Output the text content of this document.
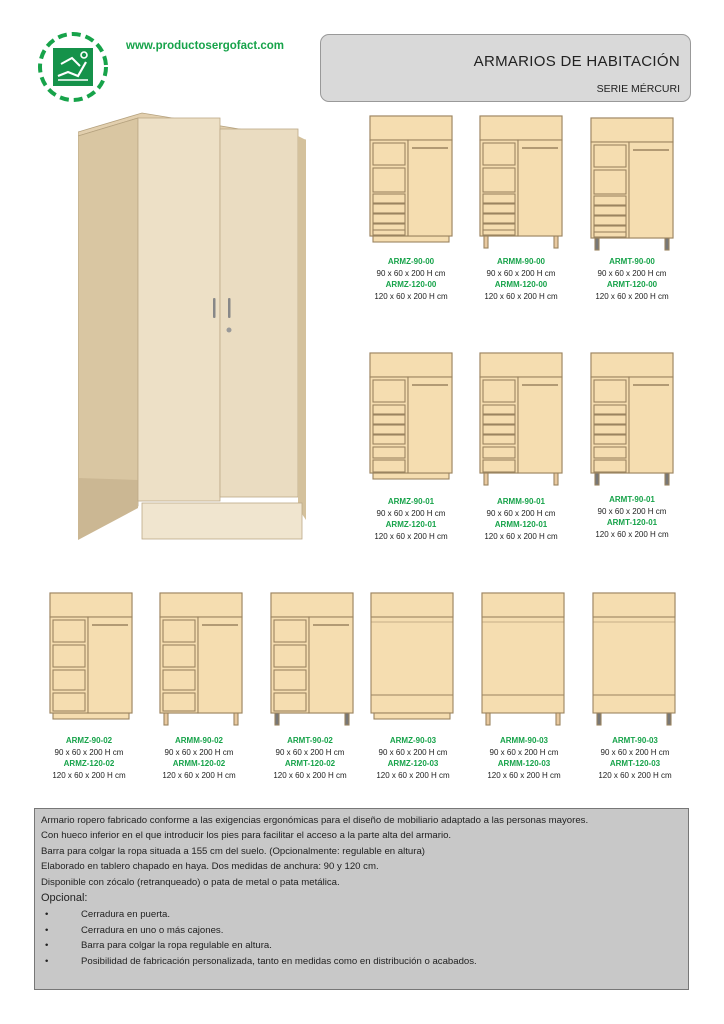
www.productosergofact.com
ARMARIOS DE HABITACIÓN
SERIE MÉRCURI

Armario ropero fabricado conforme a las exigencias ergonómicas para el diseño de mobiliario adaptado a las personas mayores.

Con hueco inferior en el que introducir los pies para facilitar el acceso a la parte alta del armario.

Barra para colgar la ropa situada a 155 cm del suelo. (Opcionalmente: regulable en altura)

Elaborado en tablero chapado en haya. Dos medidas de anchura: 90 y 120 cm.

Disponible con zócalo (retranqueado) o pata de metal o pata metálica.

Opcional:

•	Cerradura en puerta.
•	Cerradura en uno o más cajones.
•	Barra para colgar la ropa regulable en altura.
•	Posibilidad de fabricación personalizada, tanto en medidas como en distribución o acabados.
ARMZ-90-00
90 x 60 x 200 H cm
ARMZ-120-00
120 x 60 x 200 H cm
ARMM-90-00
90 x 60 x 200 H cm
ARMM-120-00
120 x 60 x 200 H cm
ARMT-90-00
90 x 60 x 200 H cm
ARMT-120-00
120 x 60 x 200 H cm
ARMZ-90-01
90 x 60 x 200 H cm
ARMZ-120-01
120 x 60 x 200 H cm
ARMM-90-01
90 x 60 x 200 H cm
ARMM-120-01
120 x 60 x 200 H cm
ARMT-90-01
90 x 60 x 200 H cm
ARMT-120-01
120 x 60 x 200 H cm
ARMZ-90-02
90 x 60 x 200 H cm
ARMZ-120-02
120 x 60 x 200 H cm
ARMM-90-02
90 x 60 x 200 H cm
ARMM-120-02
120 x 60 x 200 H cm
ARMT-90-02
90 x 60 x 200 H cm
ARMT-120-02
120 x 60 x 200 H cm
ARMZ-90-03
90 x 60 x 200 H cm
ARMZ-120-03
120 x 60 x 200 H cm
ARMM-90-03
90 x 60 x 200 H cm
ARMM-120-03
120 x 60 x 200 H cm
ARMT-90-03
90 x 60 x 200 H cm
ARMT-120-03
120 x 60 x 200 H cm
